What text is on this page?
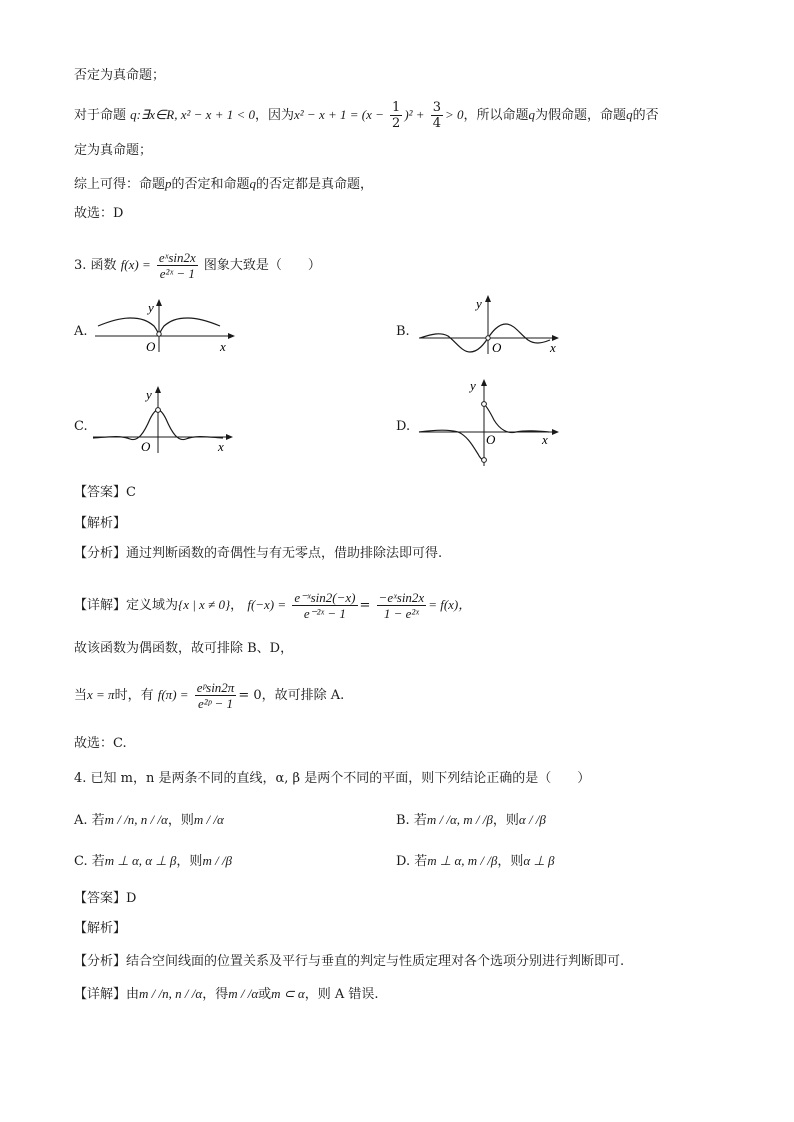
否定为真命题；
对于命题 q:∃x∈R, x² − x + 1 < 0，因为$x^2 - x + 1 = (x - \frac{1}{2} )^2 + \frac{3}{4} > 0$，所以命题q为假命题，命题q的否
定为真命题；
综上可得：命题p的否定和命题q的否定都是真命题，
故选：D
3. 函数 $f(x) = \frac{\text{eˣsin2x}}{\text{e²ˣ − 1}}$ 图象大致是（　　）
A.
y
O	x
B.
y
O	x
C.
y
O	x
D.
y
O	x
【答案】C
【解析】
【分析】通过判断函数的奇偶性与有无零点，借助排除法即可得.
【详解】定义域为{x | x ≠ 0}， $f(-x) = \frac{\text{e⁻ˣsin2(−x)}}{\text{e⁻²ˣ − 1}} = \frac{\text{−eˣsin2x}}{\text{1 − e²ˣ}} = f(x)$，
故该函数为偶函数，故可排除 B、D，
当x = π时，有 $f(\pi) = \frac{\text{eᵖsin2π}}{\text{e²ᵖ − 1}} = 0$，故可排除 A.
故选：C.
4. 已知 m，n 是两条不同的直线，α, β 是两个不同的平面，则下列结论正确的是（　　）
A. 若m / /n, n / /α，则m / /α	B. 若m / /α, m / /β，则α / /β
C. 若m ⊥ α, α ⊥ β，则m / /β	D. 若m ⊥ α, m / /β，则α ⊥ β
【答案】D
【解析】
【分析】结合空间线面的位置关系及平行与垂直的判定与性质定理对各个选项分别进行判断即可.
【详解】由m / /n, n / /α，得m / /α或m ⊂ α，则 A 错误.
